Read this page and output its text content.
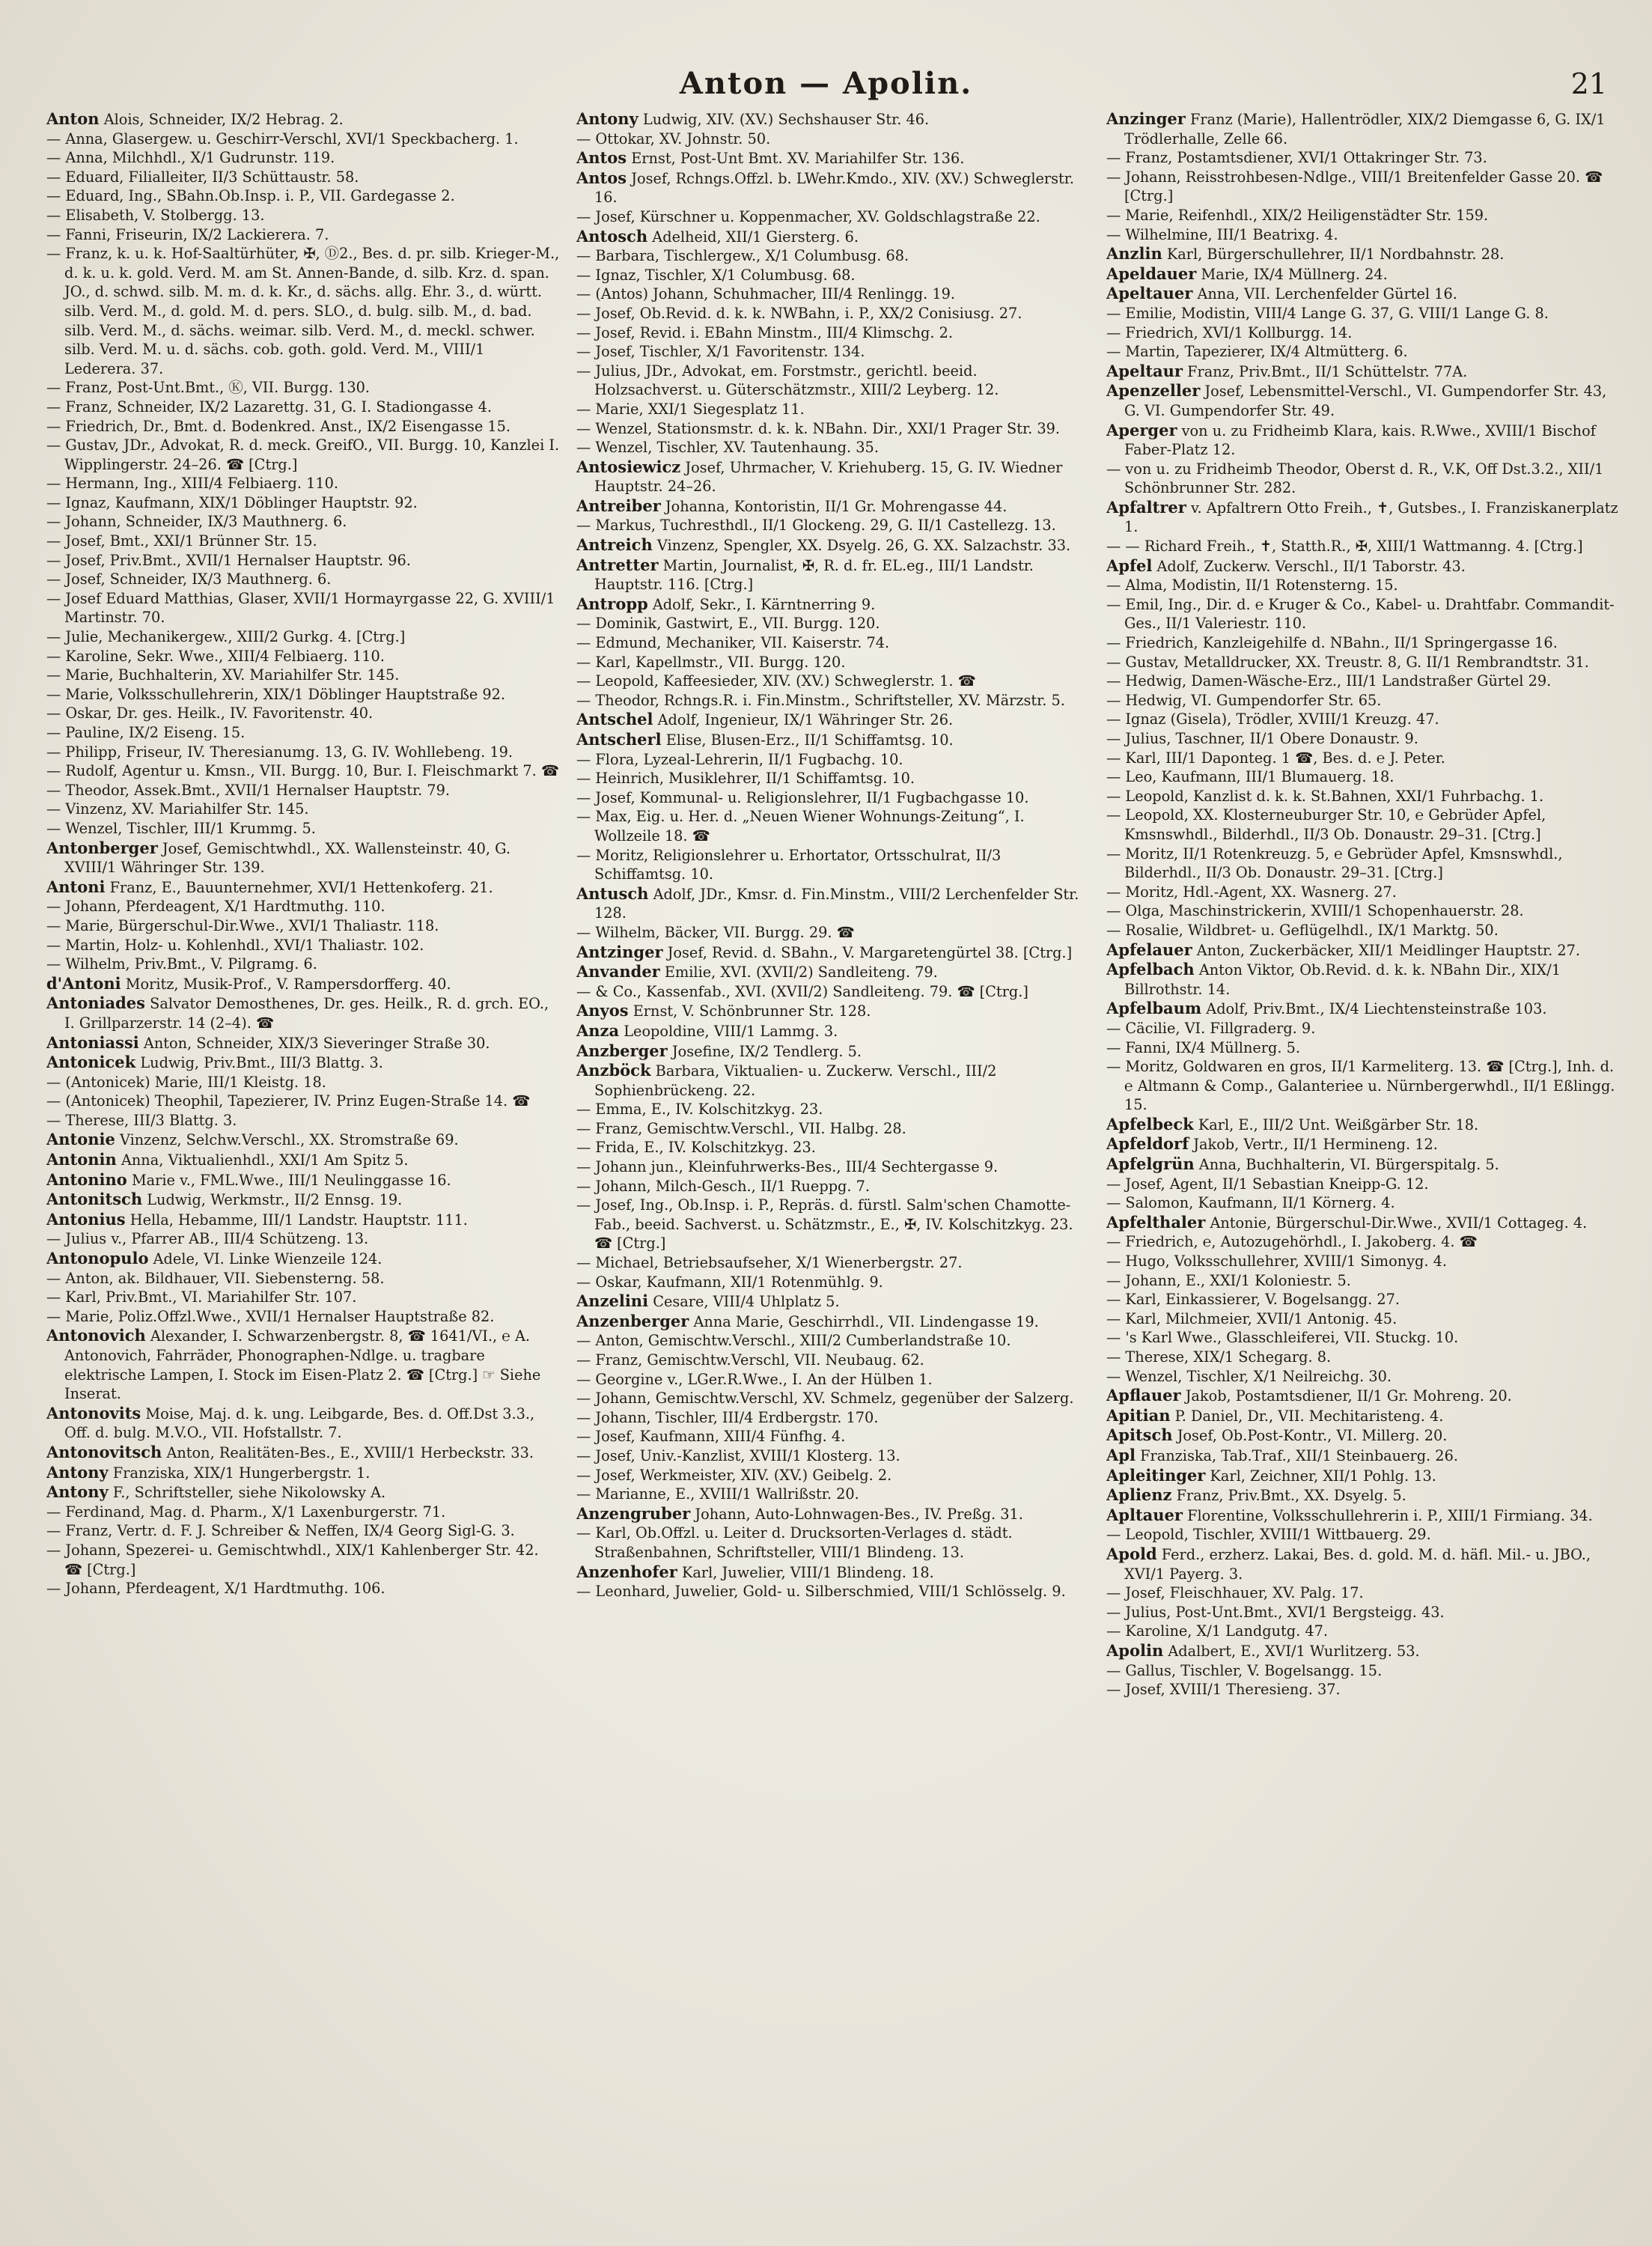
Anton — Apolin.	21

Anton Alois, Schneider, IX/2 Hebrag. 2.

— Anna, Glasergew. u. Geschirr-Verschl, XVI/1 Speckbacherg. 1.

— Anna, Milchhdl., X/1 Gudrunstr. 119.

— Eduard, Filialleiter, II/3 Schüttaustr. 58.

— Eduard, Ing., SBahn.Ob.Insp. i. P., VII. Gardegasse 2.

— Elisabeth, V. Stolbergg. 13.

— Fanni, Friseurin, IX/2 Lackierera. 7.

— Franz, k. u. k. Hof-Saaltürhüter, ✠, Ⓓ2., Bes. d. pr. silb. Krieger-M., d. k. u. k. gold. Verd. M. am St. Annen-Bande, d. silb. Krz. d. span. JO., d. schwd. silb. M. m. d. k. Kr., d. sächs. allg. Ehr. 3., d. württ. silb. Verd. M., d. gold. M. d. pers. SLO., d. bulg. silb. M., d. bad. silb. Verd. M., d. sächs. weimar. silb. Verd. M., d. meckl. schwer. silb. Verd. M. u. d. sächs. cob. goth. gold. Verd. M., VIII/1 Lederera. 37.

— Franz, Post-Unt.Bmt., Ⓚ, VII. Burgg. 130.

— Franz, Schneider, IX/2 Lazarettg. 31, G. I. Stadiongasse 4.

— Friedrich, Dr., Bmt. d. Bodenkred. Anst., IX/2 Eisengasse 15.

— Gustav, JDr., Advokat, R. d. meck. GreifO., VII. Burgg. 10, Kanzlei I. Wipplingerstr. 24–26. ☎ [Ctrg.]

— Hermann, Ing., XIII/4 Felbiaerg. 110.

— Ignaz, Kaufmann, XIX/1 Döblinger Hauptstr. 92.

— Johann, Schneider, IX/3 Mauthnerg. 6.

— Josef, Bmt., XXI/1 Brünner Str. 15.

— Josef, Priv.Bmt., XVII/1 Hernalser Hauptstr. 96.

— Josef, Schneider, IX/3 Mauthnerg. 6.

— Josef Eduard Matthias, Glaser, XVII/1 Hormayrgasse 22, G. XVIII/1 Martinstr. 70.

— Julie, Mechanikergew., XIII/2 Gurkg. 4. [Ctrg.]

— Karoline, Sekr. Wwe., XIII/4 Felbiaerg. 110.

— Marie, Buchhalterin, XV. Mariahilfer Str. 145.

— Marie, Volksschullehrerin, XIX/1 Döblinger Hauptstraße 92.

— Oskar, Dr. ges. Heilk., IV. Favoritenstr. 40.

— Pauline, IX/2 Eiseng. 15.

— Philipp, Friseur, IV. Theresianumg. 13, G. IV. Wohllebeng. 19.

— Rudolf, Agentur u. Kmsn., VII. Burgg. 10, Bur. I. Fleischmarkt 7. ☎

— Theodor, Assek.Bmt., XVII/1 Hernalser Hauptstr. 79.

— Vinzenz, XV. Mariahilfer Str. 145.

— Wenzel, Tischler, III/1 Krummg. 5.

Antonberger Josef, Gemischtwhdl., XX. Wallensteinstr. 40, G. XVIII/1 Währinger Str. 139.

Antoni Franz, E., Bauunternehmer, XVI/1 Hettenkoferg. 21.

— Johann, Pferdeagent, X/1 Hardtmuthg. 110.

— Marie, Bürgerschul-Dir.Wwe., XVI/1 Thaliastr. 118.

— Martin, Holz- u. Kohlenhdl., XVI/1 Thaliastr. 102.

— Wilhelm, Priv.Bmt., V. Pilgramg. 6.

d'Antoni Moritz, Musik-Prof., V. Rampersdorfferg. 40.

Antoniades Salvator Demosthenes, Dr. ges. Heilk., R. d. grch. EO., I. Grillparzerstr. 14 (2–4). ☎

Antoniassi Anton, Schneider, XIX/3 Sieveringer Straße 30.

Antonicek Ludwig, Priv.Bmt., III/3 Blattg. 3.

— (Antonicek) Marie, III/1 Kleistg. 18.

— (Antonicek) Theophil, Tapezierer, IV. Prinz Eugen-Straße 14. ☎

— Therese, III/3 Blattg. 3.

Antonie Vinzenz, Selchw.Verschl., XX. Stromstraße 69.

Antonin Anna, Viktualienhdl., XXI/1 Am Spitz 5.

Antonino Marie v., FML.Wwe., III/1 Neulinggasse 16.

Antonitsch Ludwig, Werkmstr., II/2 Ennsg. 19.

Antonius Hella, Hebamme, III/1 Landstr. Hauptstr. 111.

— Julius v., Pfarrer AB., III/4 Schützeng. 13.

Antonopulo Adele, VI. Linke Wienzeile 124.

— Anton, ak. Bildhauer, VII. Siebensterng. 58.

— Karl, Priv.Bmt., VI. Mariahilfer Str. 107.

— Marie, Poliz.Offzl.Wwe., XVII/1 Hernalser Hauptstraße 82.

Antonovich Alexander, I. Schwarzenbergstr. 8, ☎ 1641/VI., ℮ A. Antonovich, Fahrräder, Phonographen-Ndlge. u. tragbare elektrische Lampen, I. Stock im Eisen-Platz 2. ☎ [Ctrg.] ☞ Siehe Inserat.

Antonovits Moise, Maj. d. k. ung. Leibgarde, Bes. d. Off.Dst 3.3., Off. d. bulg. M.V.O., VII. Hofstallstr. 7.

Antonovitsch Anton, Realitäten-Bes., E., XVIII/1 Herbeckstr. 33.

Antony Franziska, XIX/1 Hungerbergstr. 1.

Antony F., Schriftsteller, siehe Nikolowsky A.

— Ferdinand, Mag. d. Pharm., X/1 Laxenburgerstr. 71.

— Franz, Vertr. d. F. J. Schreiber & Neffen, IX/4 Georg Sigl-G. 3.

— Johann, Spezerei- u. Gemischtwhdl., XIX/1 Kahlenberger Str. 42. ☎ [Ctrg.]

— Johann, Pferdeagent, X/1 Hardtmuthg. 106.

Antony Ludwig, XIV. (XV.) Sechshauser Str. 46.

— Ottokar, XV. Johnstr. 50.

Antos Ernst, Post-Unt Bmt. XV. Mariahilfer Str. 136.

Antos Josef, Rchngs.Offzl. b. LWehr.Kmdo., XIV. (XV.) Schweglerstr. 16.

— Josef, Kürschner u. Koppenmacher, XV. Goldschlagstraße 22.

Antosch Adelheid, XII/1 Giersterg. 6.

— Barbara, Tischlergew., X/1 Columbusg. 68.

— Ignaz, Tischler, X/1 Columbusg. 68.

— (Antos) Johann, Schuhmacher, III/4 Renlingg. 19.

— Josef, Ob.Revid. d. k. k. NWBahn, i. P., XX/2 Conisiusg. 27.

— Josef, Revid. i. EBahn Minstm., III/4 Klimschg. 2.

— Josef, Tischler, X/1 Favoritenstr. 134.

— Julius, JDr., Advokat, em. Forstmstr., gerichtl. beeid. Holzsachverst. u. Güterschätzmstr., XIII/2 Leyberg. 12.

— Marie, XXI/1 Siegesplatz 11.

— Wenzel, Stationsmstr. d. k. k. NBahn. Dir., XXI/1 Prager Str. 39.

— Wenzel, Tischler, XV. Tautenhaung. 35.

Antosiewicz Josef, Uhrmacher, V. Kriehuberg. 15, G. IV. Wiedner Hauptstr. 24–26.

Antreiber Johanna, Kontoristin, II/1 Gr. Mohrengasse 44.

— Markus, Tuchresthdl., II/1 Glockeng. 29, G. II/1 Castellezg. 13.

Antreich Vinzenz, Spengler, XX. Dsyelg. 26, G. XX. Salzachstr. 33.

Antretter Martin, Journalist, ✠, R. d. fr. EL.eg., III/1 Landstr. Hauptstr. 116. [Ctrg.]

Antropp Adolf, Sekr., I. Kärntnerring 9.

— Dominik, Gastwirt, E., VII. Burgg. 120.

— Edmund, Mechaniker, VII. Kaiserstr. 74.

— Karl, Kapellmstr., VII. Burgg. 120.

— Leopold, Kaffeesieder, XIV. (XV.) Schweglerstr. 1. ☎

— Theodor, Rchngs.R. i. Fin.Minstm., Schriftsteller, XV. Märzstr. 5.

Antschel Adolf, Ingenieur, IX/1 Währinger Str. 26.

Antscherl Elise, Blusen-Erz., II/1 Schiffamtsg. 10.

— Flora, Lyzeal-Lehrerin, II/1 Fugbachg. 10.

— Heinrich, Musiklehrer, II/1 Schiffamtsg. 10.

— Josef, Kommunal- u. Religionslehrer, II/1 Fugbachgasse 10.

— Max, Eig. u. Her. d. „Neuen Wiener Wohnungs-Zeitung“, I. Wollzeile 18. ☎

— Moritz, Religionslehrer u. Erhortator, Ortsschulrat, II/3 Schiffamtsg. 10.

Antusch Adolf, JDr., Kmsr. d. Fin.Minstm., VIII/2 Lerchenfelder Str. 128.

— Wilhelm, Bäcker, VII. Burgg. 29. ☎

Antzinger Josef, Revid. d. SBahn., V. Margaretengürtel 38. [Ctrg.]

Anvander Emilie, XVI. (XVII/2) Sandleiteng. 79.

— & Co., Kassenfab., XVI. (XVII/2) Sandleiteng. 79. ☎ [Ctrg.]

Anyos Ernst, V. Schönbrunner Str. 128.

Anza Leopoldine, VIII/1 Lammg. 3.

Anzberger Josefine, IX/2 Tendlerg. 5.

Anzböck Barbara, Viktualien- u. Zuckerw. Verschl., III/2 Sophienbrückeng. 22.

— Emma, E., IV. Kolschitzkyg. 23.

— Franz, Gemischtw.Verschl., VII. Halbg. 28.

— Frida, E., IV. Kolschitzkyg. 23.

— Johann jun., Kleinfuhrwerks-Bes., III/4 Sechtergasse 9.

— Johann, Milch-Gesch., II/1 Rueppg. 7.

— Josef, Ing., Ob.Insp. i. P., Repräs. d. fürstl. Salm'schen Chamotte-Fab., beeid. Sachverst. u. Schätzmstr., E., ✠, IV. Kolschitzkyg. 23. ☎ [Ctrg.]

— Michael, Betriebsaufseher, X/1 Wienerbergstr. 27.

— Oskar, Kaufmann, XII/1 Rotenmühlg. 9.

Anzelini Cesare, VIII/4 Uhlplatz 5.

Anzenberger Anna Marie, Geschirrhdl., VII. Lindengasse 19.

— Anton, Gemischtw.Verschl., XIII/2 Cumberlandstraße 10.

— Franz, Gemischtw.Verschl, VII. Neubaug. 62.

— Georgine v., LGer.R.Wwe., I. An der Hülben 1.

— Johann, Gemischtw.Verschl, XV. Schmelz, gegenüber der Salzerg.

— Johann, Tischler, III/4 Erdbergstr. 170.

— Josef, Kaufmann, XIII/4 Fünfhg. 4.

— Josef, Univ.-Kanzlist, XVIII/1 Klosterg. 13.

— Josef, Werkmeister, XIV. (XV.) Geibelg. 2.

— Marianne, E., XVIII/1 Wallrißstr. 20.

Anzengruber Johann, Auto-Lohnwagen-Bes., IV. Preßg. 31.

— Karl, Ob.Offzl. u. Leiter d. Drucksorten-Verlages d. städt. Straßenbahnen, Schriftsteller, VIII/1 Blindeng. 13.

Anzenhofer Karl, Juwelier, VIII/1 Blindeng. 18.

— Leonhard, Juwelier, Gold- u. Silberschmied, VIII/1 Schlösselg. 9.

Anzinger Franz (Marie), Hallentrödler, XIX/2 Diemgasse 6, G. IX/1 Trödlerhalle, Zelle 66.

— Franz, Postamtsdiener, XVI/1 Ottakringer Str. 73.

— Johann, Reisstrohbesen-Ndlge., VIII/1 Breitenfelder Gasse 20. ☎ [Ctrg.]

— Marie, Reifenhdl., XIX/2 Heiligenstädter Str. 159.

— Wilhelmine, III/1 Beatrixg. 4.

Anzlin Karl, Bürgerschullehrer, II/1 Nordbahnstr. 28.

Apeldauer Marie, IX/4 Müllnerg. 24.

Apeltauer Anna, VII. Lerchenfelder Gürtel 16.

— Emilie, Modistin, VIII/4 Lange G. 37, G. VIII/1 Lange G. 8.

— Friedrich, XVI/1 Kollburgg. 14.

— Martin, Tapezierer, IX/4 Altmütterg. 6.

Apeltaur Franz, Priv.Bmt., II/1 Schüttelstr. 77A.

Apenzeller Josef, Lebensmittel-Verschl., VI. Gumpendorfer Str. 43, G. VI. Gumpendorfer Str. 49.

Aperger von u. zu Fridheimb Klara, kais. R.Wwe., XVIII/1 Bischof Faber-Platz 12.

— von u. zu Fridheimb Theodor, Oberst d. R., V.K, Off Dst.3.2., XII/1 Schönbrunner Str. 282.

Apfaltrer v. Apfaltrern Otto Freih., ✝, Gutsbes., I. Franziskanerplatz 1.

— — Richard Freih., ✝, Statth.R., ✠, XIII/1 Wattmanng. 4. [Ctrg.]

Apfel Adolf, Zuckerw. Verschl., II/1 Taborstr. 43.

— Alma, Modistin, II/1 Rotensterng. 15.

— Emil, Ing., Dir. d. ℮ Kruger & Co., Kabel- u. Drahtfabr. Commandit-Ges., II/1 Valeriestr. 110.

— Friedrich, Kanzleigehilfe d. NBahn., II/1 Springergasse 16.

— Gustav, Metalldrucker, XX. Treustr. 8, G. II/1 Rembrandtstr. 31.

— Hedwig, Damen-Wäsche-Erz., III/1 Landstraßer Gürtel 29.

— Hedwig, VI. Gumpendorfer Str. 65.

— Ignaz (Gisela), Trödler, XVIII/1 Kreuzg. 47.

— Julius, Taschner, II/1 Obere Donaustr. 9.

— Karl, III/1 Daponteg. 1 ☎, Bes. d. ℮ J. Peter.

— Leo, Kaufmann, III/1 Blumauerg. 18.

— Leopold, Kanzlist d. k. k. St.Bahnen, XXI/1 Fuhrbachg. 1.

— Leopold, XX. Klosterneuburger Str. 10, ℮ Gebrüder Apfel, Kmsnswhdl., Bilderhdl., II/3 Ob. Donaustr. 29–31. [Ctrg.]

— Moritz, II/1 Rotenkreuzg. 5, ℮ Gebrüder Apfel, Kmsnswhdl., Bilderhdl., II/3 Ob. Donaustr. 29–31. [Ctrg.]

— Moritz, Hdl.-Agent, XX. Wasnerg. 27.

— Olga, Maschinstrickerin, XVIII/1 Schopenhauerstr. 28.

— Rosalie, Wildbret- u. Geflügelhdl., IX/1 Marktg. 50.

Apfelauer Anton, Zuckerbäcker, XII/1 Meidlinger Hauptstr. 27.

Apfelbach Anton Viktor, Ob.Revid. d. k. k. NBahn Dir., XIX/1 Billrothstr. 14.

Apfelbaum Adolf, Priv.Bmt., IX/4 Liechtensteinstraße 103.

— Cäcilie, VI. Fillgraderg. 9.

— Fanni, IX/4 Müllnerg. 5.

— Moritz, Goldwaren en gros, II/1 Karmeliterg. 13. ☎ [Ctrg.], Inh. d. ℮ Altmann & Comp., Galanteriee u. Nürnbergerwhdl., II/1 Eßlingg. 15.

Apfelbeck Karl, E., III/2 Unt. Weißgärber Str. 18.

Apfeldorf Jakob, Vertr., II/1 Hermineng. 12.

Apfelgrün Anna, Buchhalterin, VI. Bürgerspitalg. 5.

— Josef, Agent, II/1 Sebastian Kneipp-G. 12.

— Salomon, Kaufmann, II/1 Körnerg. 4.

Apfelthaler Antonie, Bürgerschul-Dir.Wwe., XVII/1 Cottageg. 4.

— Friedrich, ℮, Autozugehörhdl., I. Jakoberg. 4. ☎

— Hugo, Volksschullehrer, XVIII/1 Simonyg. 4.

— Johann, E., XXI/1 Koloniestr. 5.

— Karl, Einkassierer, V. Bogelsangg. 27.

— Karl, Milchmeier, XVII/1 Antonig. 45.

— 's Karl Wwe., Glasschleiferei, VII. Stuckg. 10.

— Therese, XIX/1 Schegarg. 8.

— Wenzel, Tischler, X/1 Neilreichg. 30.

Apflauer Jakob, Postamtsdiener, II/1 Gr. Mohreng. 20.

Apitian P. Daniel, Dr., VII. Mechitaristeng. 4.

Apitsch Josef, Ob.Post-Kontr., VI. Millerg. 20.

Apl Franziska, Tab.Traf., XII/1 Steinbauerg. 26.

Apleitinger Karl, Zeichner, XII/1 Pohlg. 13.

Aplienz Franz, Priv.Bmt., XX. Dsyelg. 5.

Apltauer Florentine, Volksschullehrerin i. P., XIII/1 Firmiang. 34.

— Leopold, Tischler, XVIII/1 Wittbauerg. 29.

Apold Ferd., erzherz. Lakai, Bes. d. gold. M. d. häfl. Mil.- u. JBO., XVI/1 Payerg. 3.

— Josef, Fleischhauer, XV. Palg. 17.

— Julius, Post-Unt.Bmt., XVI/1 Bergsteigg. 43.

— Karoline, X/1 Landgutg. 47.

Apolin Adalbert, E., XVI/1 Wurlitzerg. 53.

— Gallus, Tischler, V. Bogelsangg. 15.

— Josef, XVIII/1 Theresieng. 37.
